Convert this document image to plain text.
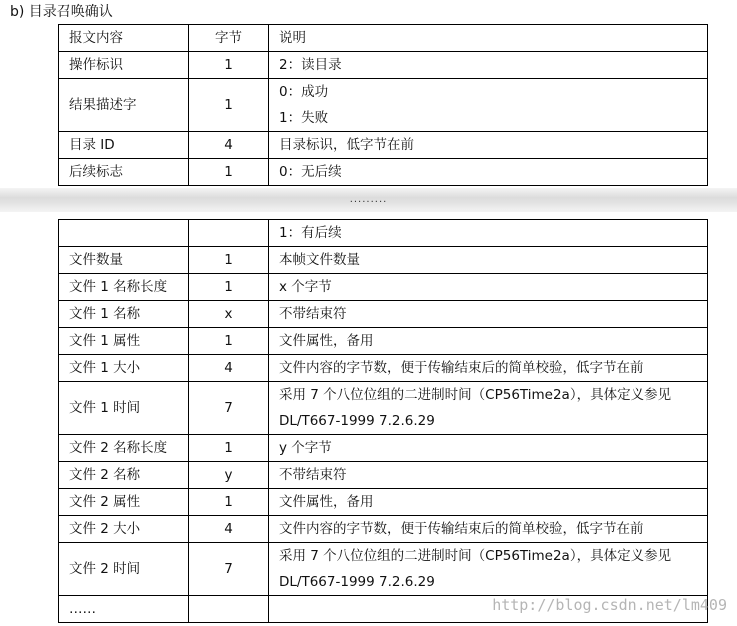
b) 目录召唤确认
报文内容	字节	说明
操作标识	1	2：读目录

结果描述字	1	0：成功
1：失败

目录 ID	4	目录标识，低字节在前

后续标志	1	0：无后续
.........

		1：有后续

文件数量	1	本帧文件数量

文件 1 名称长度	1	x 个字节

文件 1 名称	x	不带结束符

文件 1 属性	1	文件属性，备用

文件 1 大小	4	文件内容的字节数，便于传输结束后的简单校验，低字节在前

文件 1 时间	7	采用 7 个八位位组的二进制时间（CP56Time2a），具体定义参见
DL/T667-1999 7.2.6.29

文件 2 名称长度	1	y 个字节

文件 2 名称	y	不带结束符

文件 2 属性	1	文件属性，备用

文件 2 大小	4	文件内容的字节数，便于传输结束后的简单校验，低字节在前

文件 2 时间	7	采用 7 个八位位组的二进制时间（CP56Time2a），具体定义参见
DL/T667-1999 7.2.6.29

……			http://blog.csdn.net/lm409
